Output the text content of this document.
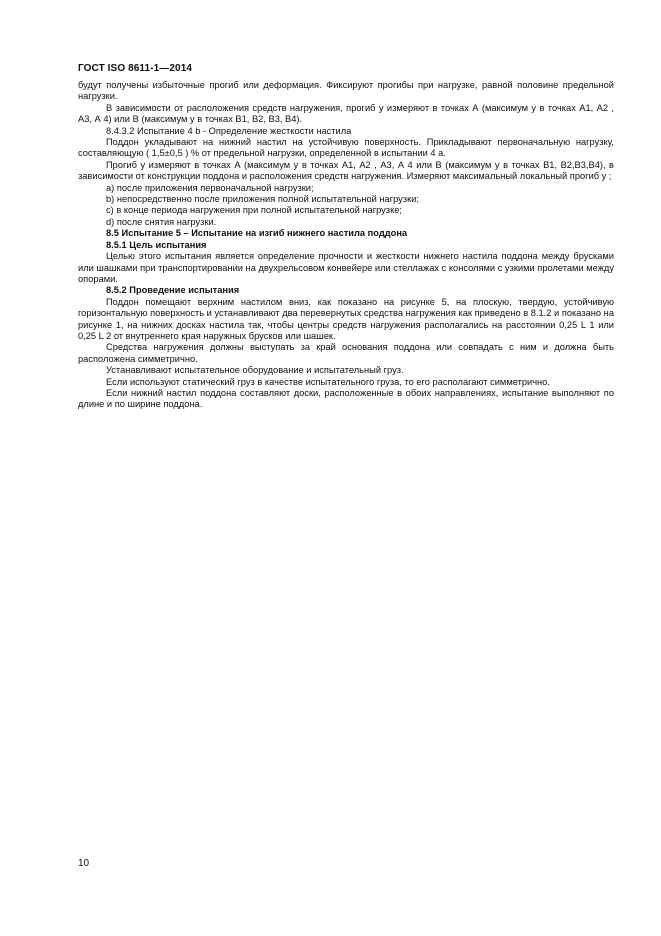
ГОСТ ISO 8611-1—2014

будут получены избыточные прогиб или деформация. Фиксируют прогибы при нагрузке, равной половине предельной нагрузки.

В зависимости от расположения средств нагружения, прогиб у измеряют в точках А (максимум у в точках А1, А2 , А3, А 4) или В (максимум у в точках В1, В2, В3, В4).

8.4.3.2 Испытание 4 b - Определение жесткости настила

Поддон укладывают на нижний настил на устойчивую поверхность. Прикладывают первоначальную нагрузку, составляющую ( 1,5±0,5 ) % от предельной нагрузки, определенной в испытании 4 а.

Прогиб у измеряют в точках А (максимум у в точках А1, А2 , А3, А 4 или В (максимум у в точках В1, В2,В3,В4), в зависимости от конструкции поддона и расположения средств нагружения. Измеряют максимальный локальный прогиб у ;

a) после приложения первоначальной нагрузки;

b) непосредственно после приложения полной испытательной нагрузки;

c) в конце периода нагружения при полной испытательной нагрузке;

d) после снятия нагрузки.

8.5 Испытание 5 – Испытание на изгиб нижнего настила поддона

8.5.1 Цель испытания

Целью этого испытания является определение прочности и жесткости нижнего настила поддона между брусками или шашками при транспортировании на двухрельсовом конвейере или стеллажах с консолями с узкими пролетами между опорами.

8.5.2 Проведение испытания

Поддон помещают верхним настилом вниз, как показано на рисунке 5, на плоскую, твердую, устойчивую горизонтальную поверхность и устанавливают два перевернутых средства нагружения как приведено в 8.1.2 и показано на рисунке 1, на нижних досках настила так, чтобы центры средств нагружения располагались на расстоянии 0,25 L 1 или 0,25 L 2 от внутреннего края наружных брусков или шашек.

Средства нагружения должны выступать за край основания поддона или совпадать с ним и должна быть расположена симметрично.

Устанавливают испытательное оборудование и испытательный груз.

Если используют статический груз в качестве испытательного груза, то его располагают симметрично.

Если нижний настил поддона составляют доски, расположенные в обоих направлениях, испытание выполняют по длине и по ширине поддона.

10
